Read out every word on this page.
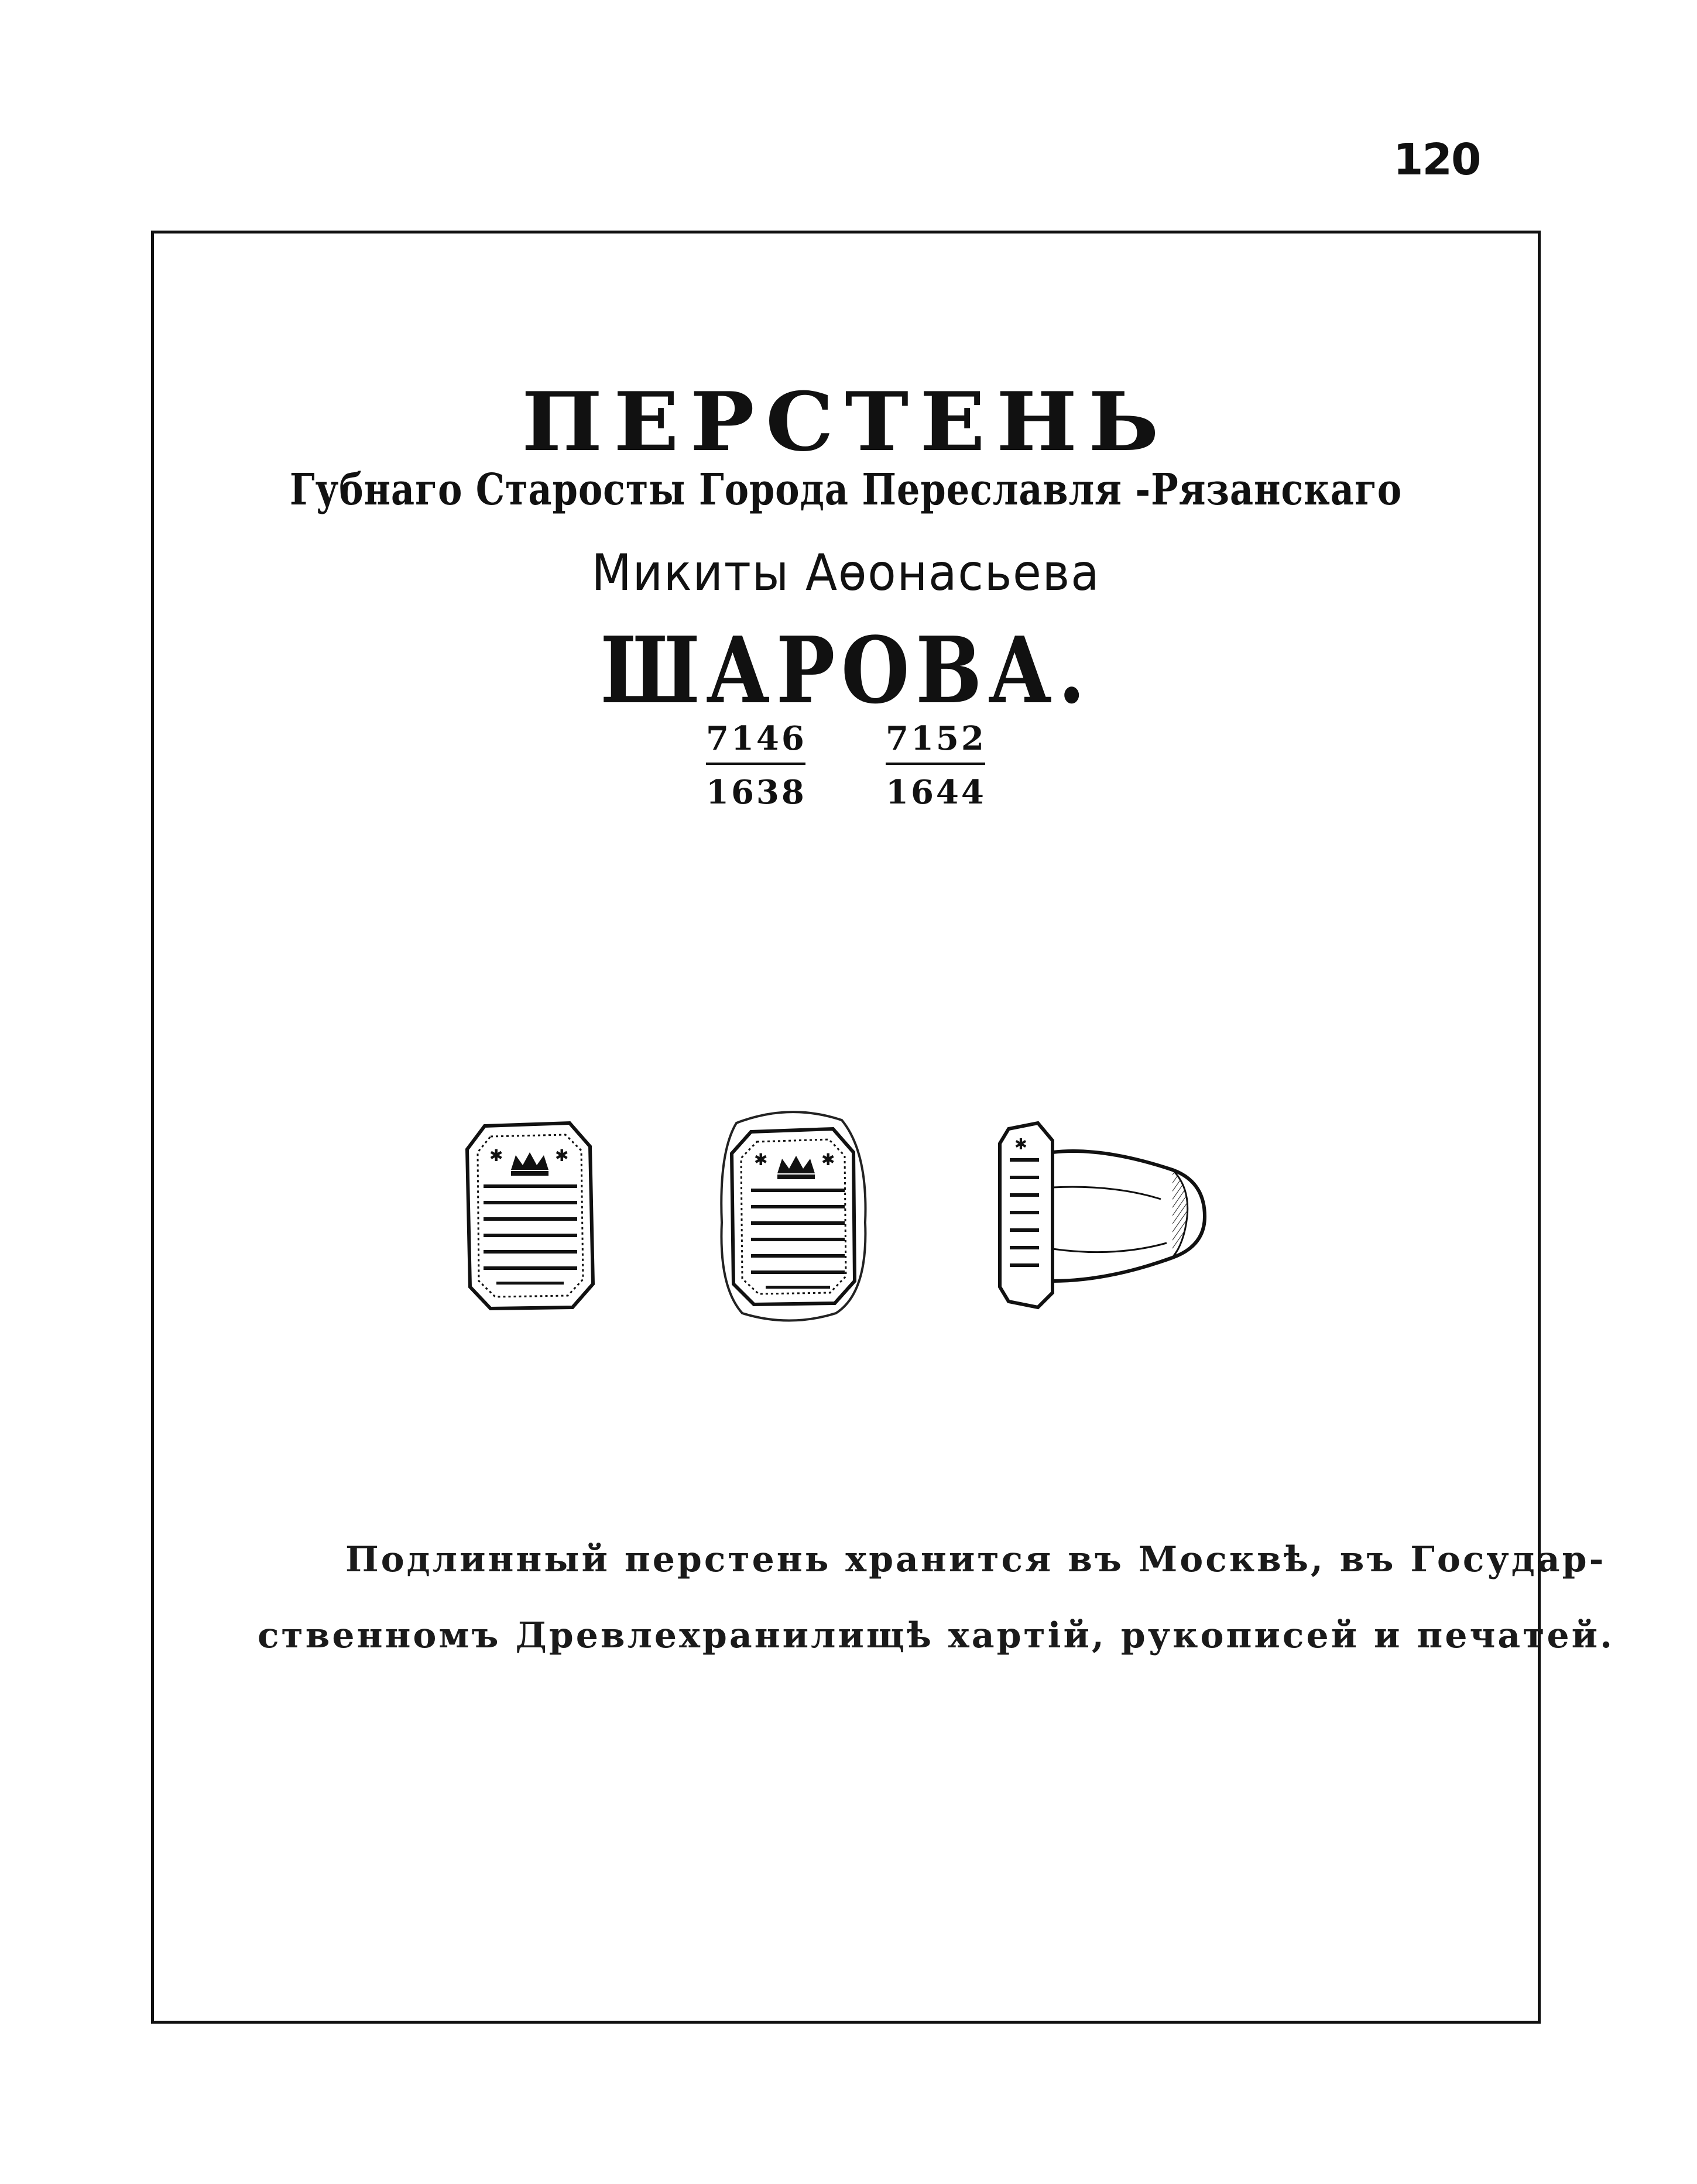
120
ПЕРСТЕНЬ
Губнаго Старосты Города Переславля -Рязанскаго
Микиты Аѳонасьева
ШАРОВА.
$\frac{7146}{1638} \frac{7152}{1644}$
✱	✱	✱	✱
✱
Подлинный перстень хранится въ Москвѣ, въ Государ-
ственномъ Древлехранилищѣ хартій, рукописей и печатей.
